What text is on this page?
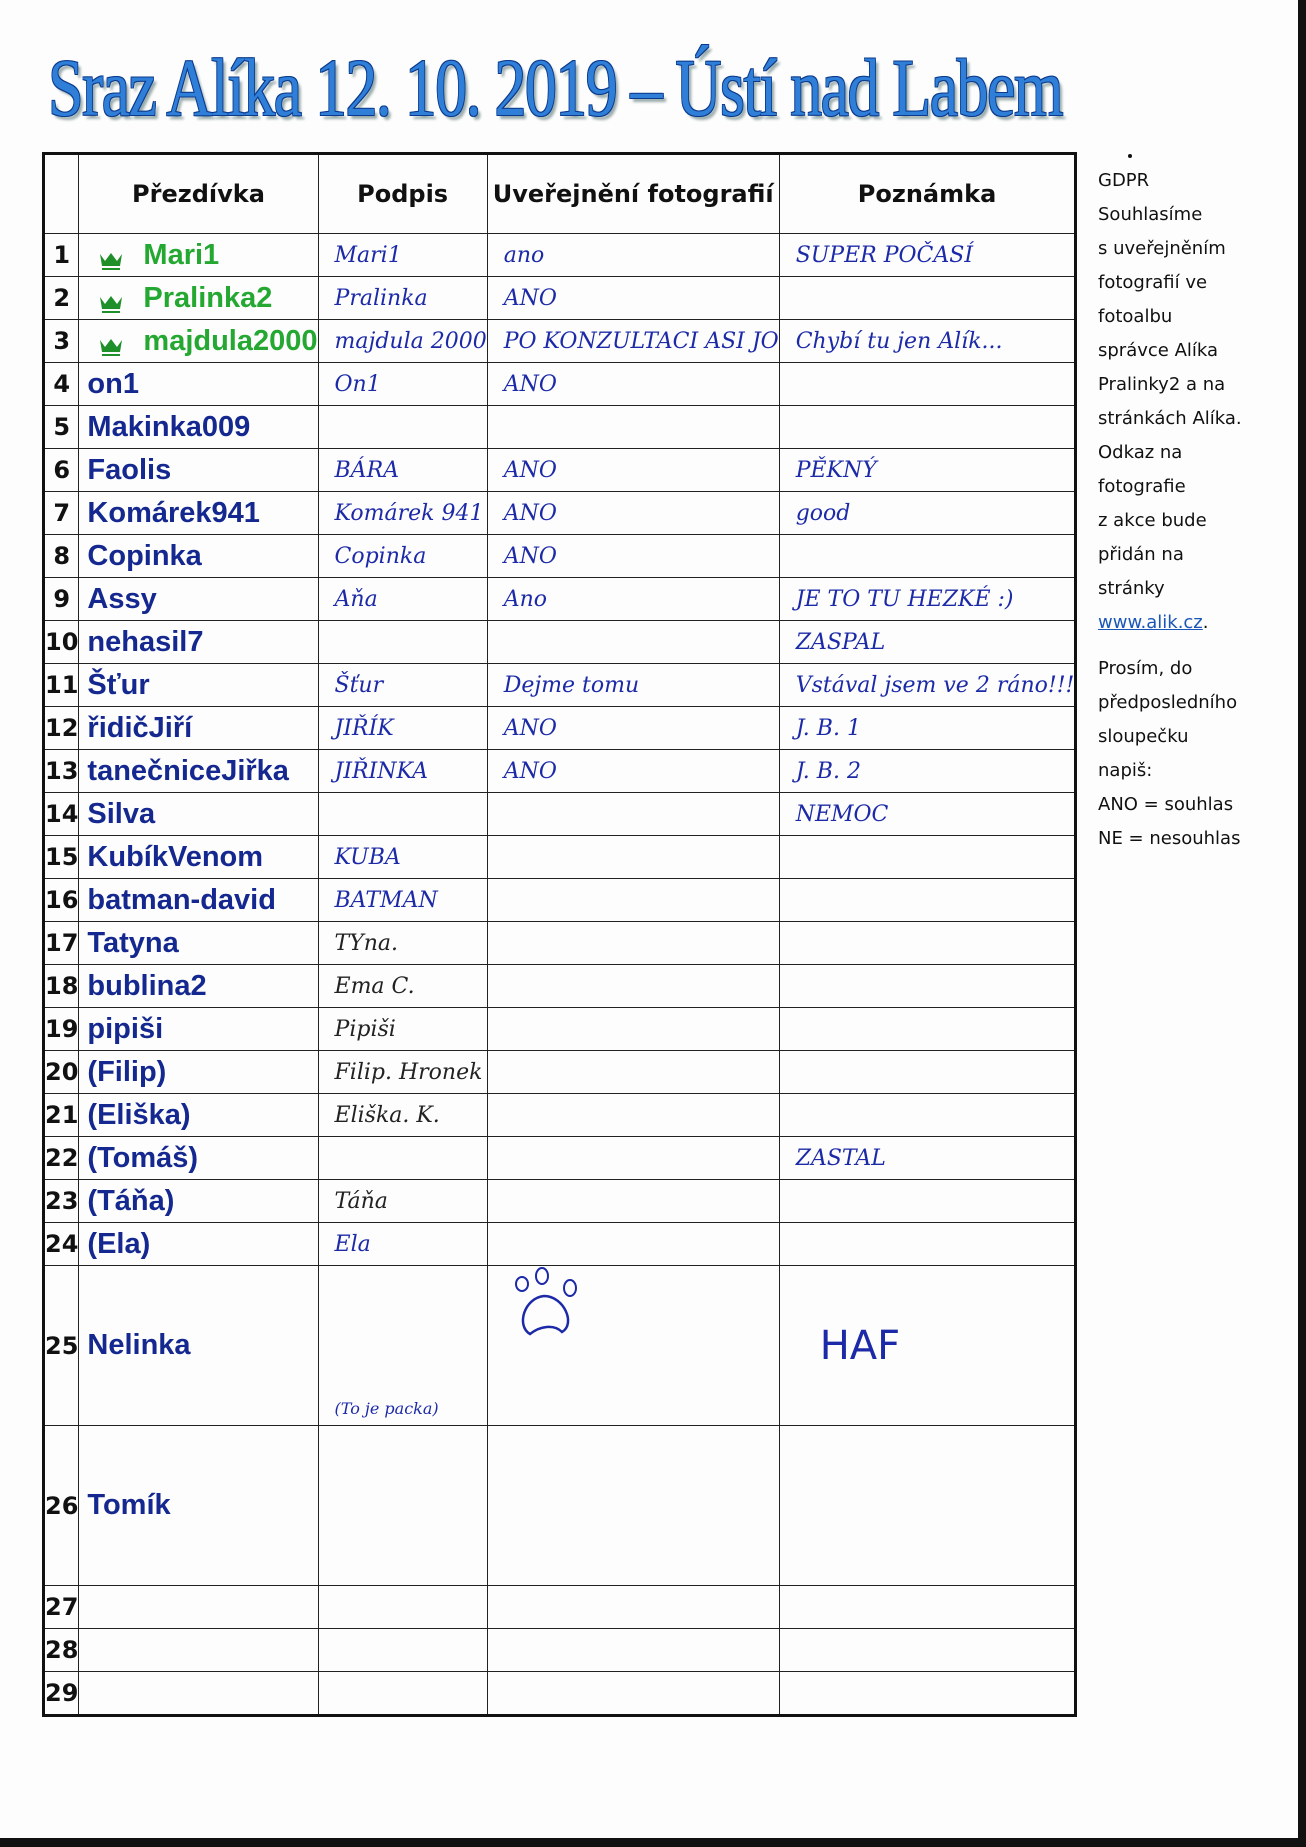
Sraz Alíka 12. 10. 2019 – Ústí nad Labem
	Přezdívka	Podpis	Uveřejnění fotografií	Poznámka
1	Mari1	Mari1	ano	SUPER POČASÍ
2	Pralinka2	Pralinka	ANO	
3	majdula2000	majdula 2000	PO KONZULTACI ASI JO	Chybí tu jen Alík...
4	on1	On1	ANO	
5	Makinka009			
6	Faolis	BÁRA	ANO	PĚKNÝ
7	Komárek941	Komárek 941	ANO	good
8	Copinka	Copinka	ANO	
9	Assy	Aňa	Ano	JE TO TU HEZKÉ :)
10	nehasil7			ZASPAL
11	Šťur	Šťur	Dejme tomu	Vstával jsem ve 2 ráno!!!
12	řidičJiří	JIŘÍK	ANO	J. B. 1
13	tanečniceJiřka	JIŘINKA	ANO	J. B. 2
14	Silva			NEMOC
15	KubíkVenom	KUBA		
16	batman-david	BATMAN		
17	Tatyna	TYna.		
18	bublina2	Ema C.		
19	pipiši	Pipiši		
20	(Filip)	Filip. Hronek		
21	(Eliška)	Eliška. K.		
22	(Tomáš)			ZASTAL
23	(Táňa)	Táňa		
24	(Ela)	Ela		
25	Nelinka	(To je packa)		HAF
26	Tomík			
27				
28				
29				
GDPR
Souhlasíme
s uveřejněním
fotografií ve
fotoalbu
správce Alíka
Pralinky2 a na
stránkách Alíka.
Odkaz na
fotografie
z akce bude
přidán na
stránky
www.alik.cz.
Prosím, do
předposledního
sloupečku
napiš:
ANO = souhlas
NE = nesouhlas
